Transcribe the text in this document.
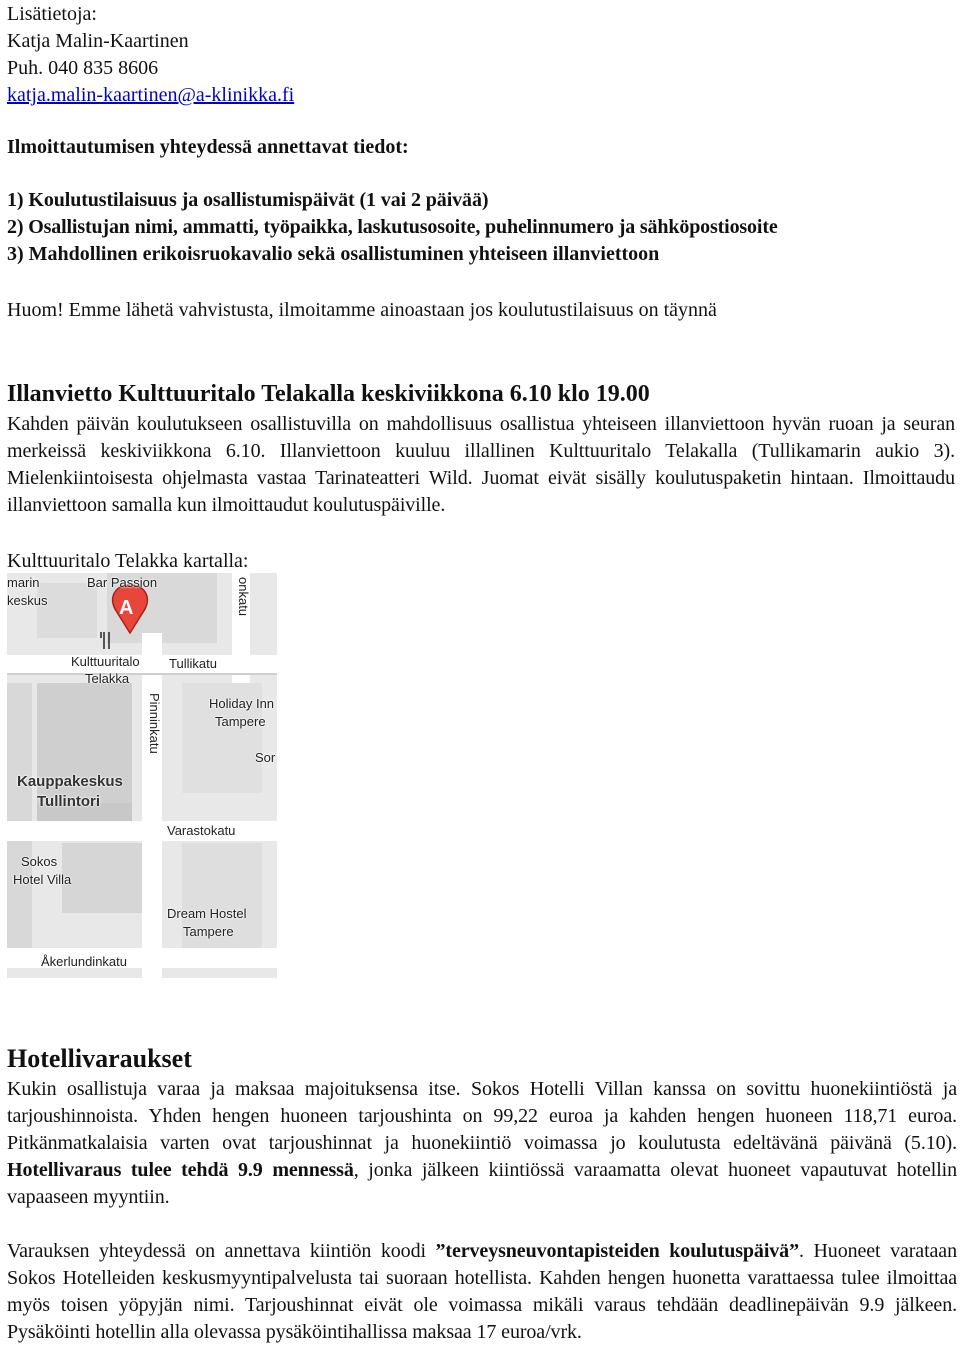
Lisätietoja:

Katja Malin-Kaartinen

Puh. 040 835 8606

katja.malin-kaartinen@a-klinikka.fi

Ilmoittautumisen yhteydessä annettavat tiedot:

1) Koulutustilaisuus ja osallistumispäivät (1 vai 2 päivää)

2) Osallistujan nimi, ammatti, työpaikka, laskutusosoite, puhelinnumero ja sähköpostiosoite

3) Mahdollinen erikoisruokavalio sekä osallistuminen yhteiseen illanviettoon

Huom! Emme lähetä vahvistusta, ilmoitamme ainoastaan jos koulutustilaisuus on täynnä

Illanvietto Kulttuuritalo Telakalla keskiviikkona 6.10 klo 19.00

Kahden päivän koulutukseen osallistuvilla on mahdollisuus osallistua yhteiseen illanviettoon hyvän ruoan ja seuran merkeissä keskiviikkona 6.10. Illanviettoon kuuluu illallinen Kulttuuritalo Telakalla (Tullikamarin aukio 3). Mielenkiintoisesta ohjelmasta vastaa Tarinateatteri Wild. Juomat eivät sisälly koulutuspaketin hintaan. Ilmoittaudu illanviettoon samalla kun ilmoittaudut koulutuspäiville.

Kulttuuritalo Telakka kartalla:

A
marin
keskus
Bar Passion	onkatu
Kulttuuritalo
Telakka
Tullikatu
Holiday Inn
Tampere
Pinninkatu
Sor
Kauppakeskus
Tullintori
Varastokatu
Sokos
Hotel Villa
Dream Hostel
Tampere
Åkerlundinkatu
Hotellivaraukset

Kukin osallistuja varaa ja maksaa majoituksensa itse. Sokos Hotelli Villan kanssa on sovittu huonekiintiöstä ja tarjoushinnoista. Yhden hengen huoneen tarjoushinta on 99,22 euroa ja kahden hengen huoneen 118,71 euroa. Pitkänmatkalaisia varten ovat tarjoushinnat ja huonekiintiö voimassa jo koulutusta edeltävänä päivänä (5.10). Hotellivaraus tulee tehdä 9.9 mennessä, jonka jälkeen kiintiössä varaamatta olevat huoneet vapautuvat hotellin vapaaseen myyntiin.

Varauksen yhteydessä on annettava kiintiön koodi ”terveysneuvontapisteiden koulutuspäivä”. Huoneet varataan Sokos Hotelleiden keskusmyyntipalvelusta tai suoraan hotellista. Kahden hengen huonetta varattaessa tulee ilmoittaa myös toisen yöpyjän nimi. Tarjoushinnat eivät ole voimassa mikäli varaus tehdään deadlinepäivän 9.9 jälkeen. Pysäköinti hotellin alla olevassa pysäköintihallissa maksaa 17 euroa/vrk.
